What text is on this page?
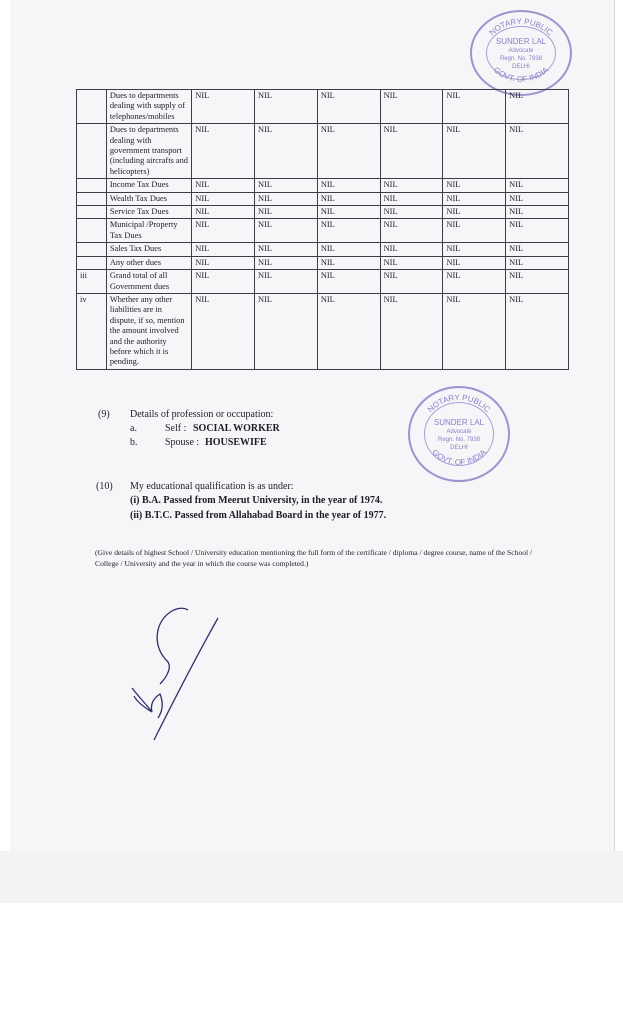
NOTARY PUBLIC
GOVT. OF INDIA
SUNDER LAL
Advocate
Regn. No. 7938
DELHI
	Dues to departments dealing with supply of telephones/mobiles	NIL	NIL	NIL	NIL	NIL	NIL
	Dues to departments dealing with government transport (including aircrafts and helicopters)	NIL	NIL	NIL	NIL	NIL	NIL
	Income Tax Dues	NIL	NIL	NIL	NIL	NIL	NIL
	Wealth Tax Dues	NIL	NIL	NIL	NIL	NIL	NIL
	Service Tax Dues	NIL	NIL	NIL	NIL	NIL	NIL
	Municipal /Property Tax Dues	NIL	NIL	NIL	NIL	NIL	NIL
	Sales Tax Dues	NIL	NIL	NIL	NIL	NIL	NIL
	Any other dues	NIL	NIL	NIL	NIL	NIL	NIL
iii	Grand total of all Government dues	NIL	NIL	NIL	NIL	NIL	NIL
iv	Whether any other liabilities are in dispute, if so, mention the amount involved and the authority before which it is pending.	NIL	NIL	NIL	NIL	NIL	NIL
NOTARY PUBLIC
GOVT. OF INDIA
SUNDER LAL
Advocate
Regn. No. 7938
DELHI
(9) Details of profession or occupation:
a.	Self : SOCIAL WORKER
b.	Spouse : HOUSEWIFE
(10) My educational qualification is as under:
(i) B.A. Passed from Meerut University, in the year of 1974.
(ii) B.T.C. Passed from Allahabad Board in the year of 1977.
(Give details of highest School / University education mentioning the full form of the certificate / diploma / degree course, name of the School / College / University and the year in which the course was completed.)
